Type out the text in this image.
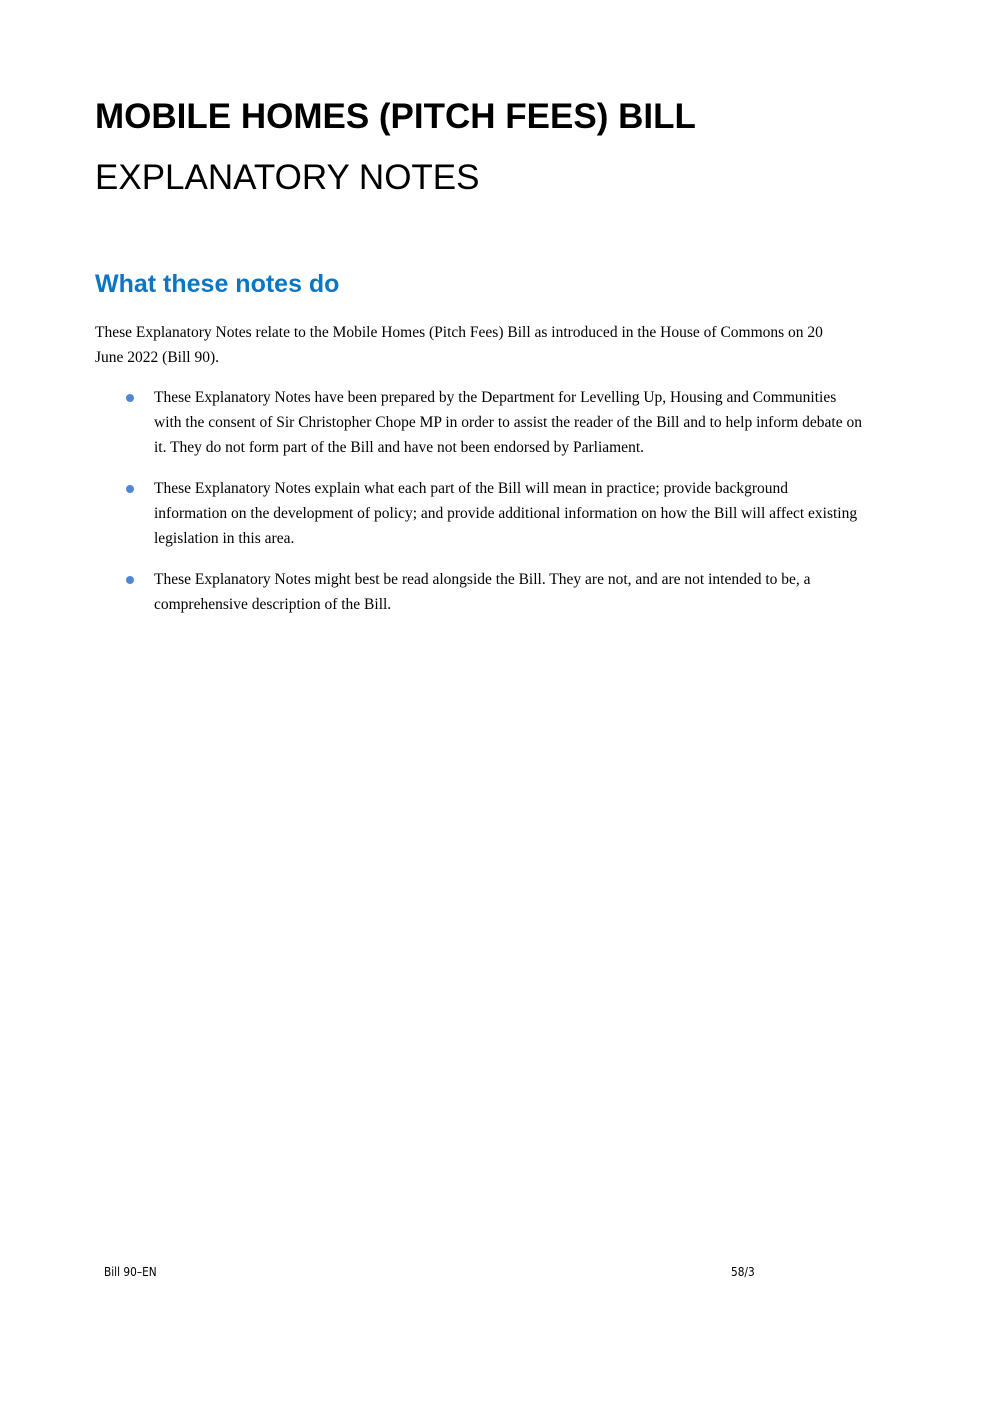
MOBILE HOMES (PITCH FEES) BILL
EXPLANATORY NOTES
What these notes do

These Explanatory Notes relate to the Mobile Homes (Pitch Fees) Bill as introduced in the House of Commons on 20 June 2022 (Bill 90).

These Explanatory Notes have been prepared by the Department for Levelling Up, Housing and Communities with the consent of Sir Christopher Chope MP in order to assist the reader of the Bill and to help inform debate on it. They do not form part of the Bill and have not been endorsed by Parliament.
These Explanatory Notes explain what each part of the Bill will mean in practice; provide background information on the development of policy; and provide additional information on how the Bill will affect existing legislation in this area.
These Explanatory Notes might best be read alongside the Bill. They are not, and are not intended to be, a comprehensive description of the Bill.
Bill 90–EN	58/3
